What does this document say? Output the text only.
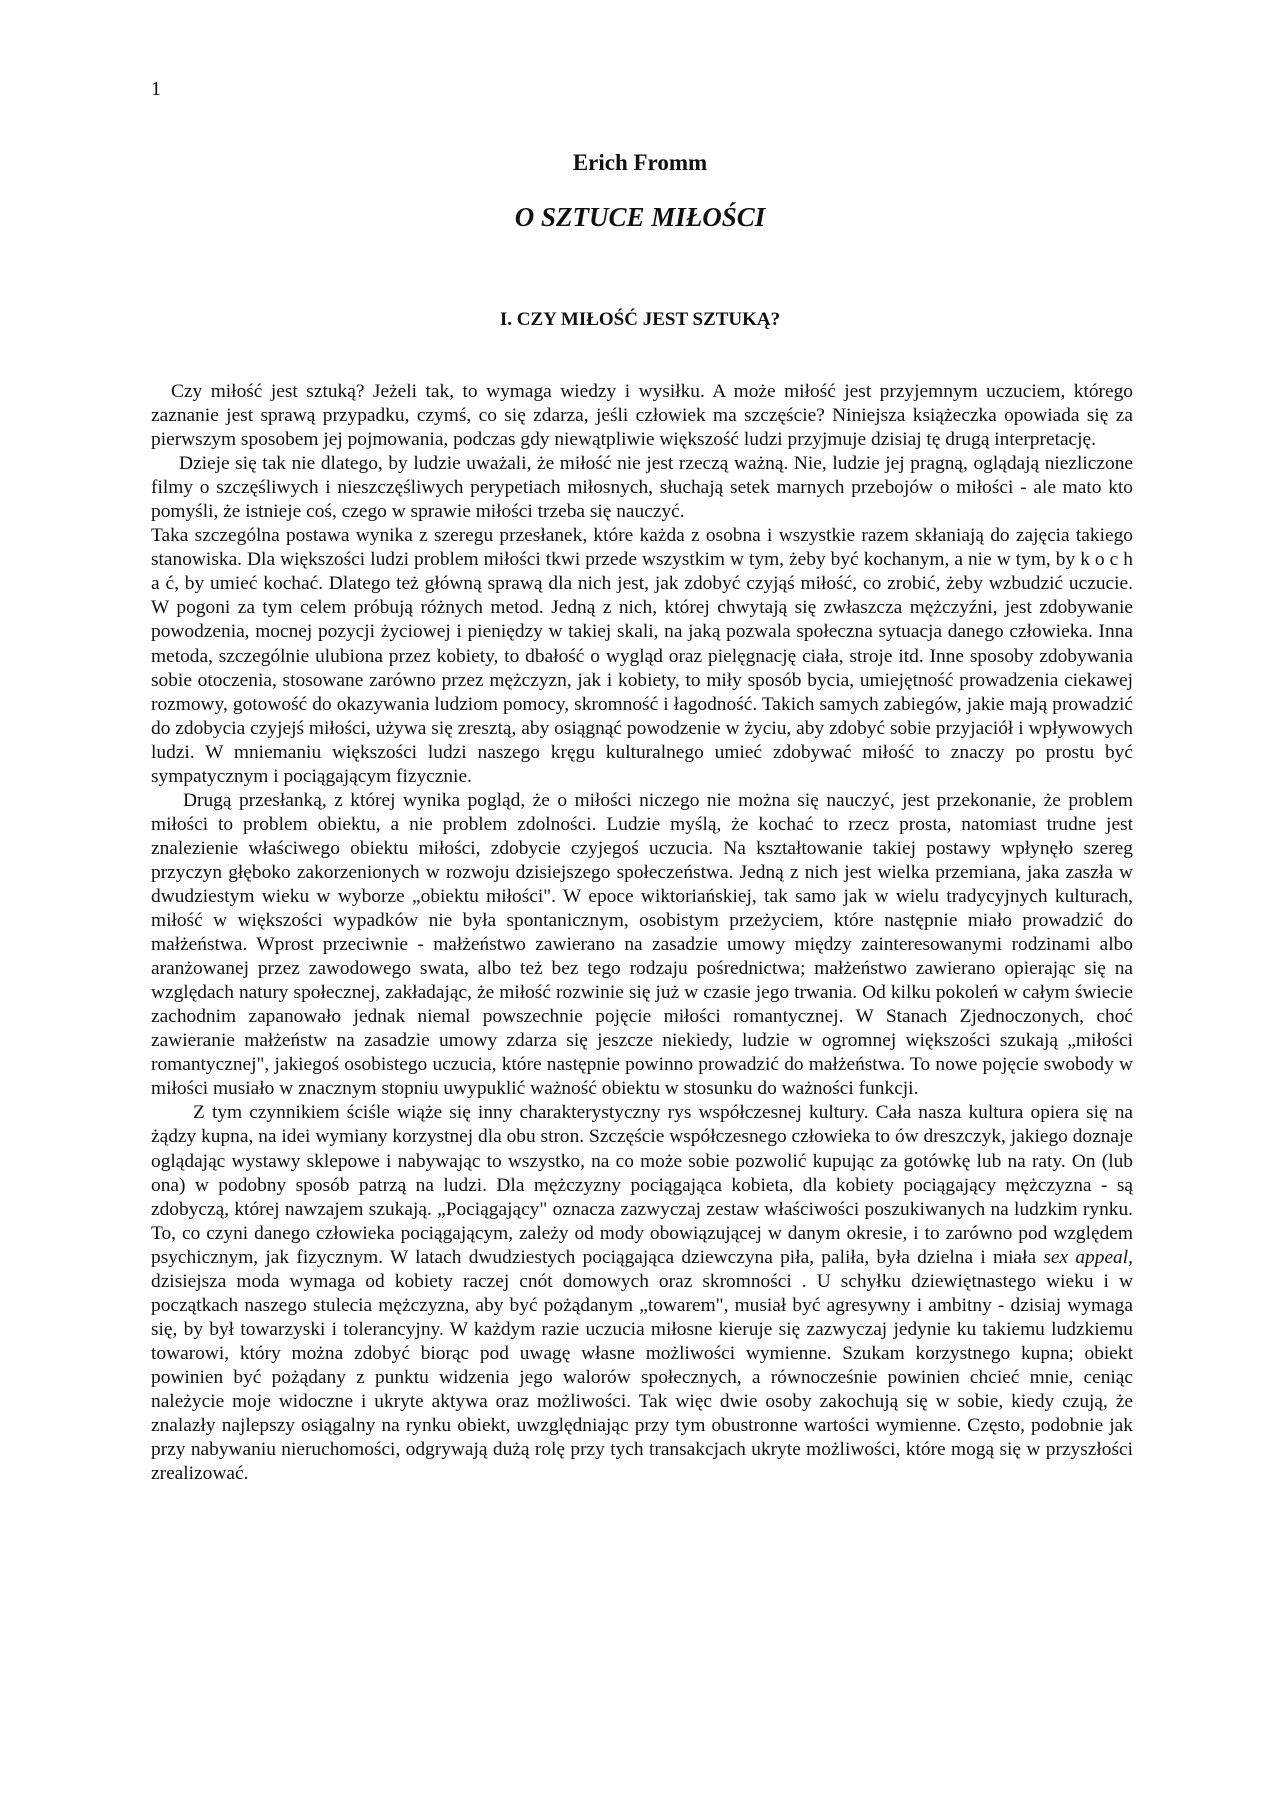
1
Erich Fromm
O SZTUCE MIŁOŚCI
I. CZY MIŁOŚĆ JEST SZTUKĄ?

Czy miłość jest sztuką? Jeżeli tak, to wymaga wiedzy i wysiłku. A może miłość jest przyjemnym uczuciem, którego zaznanie jest sprawą przypadku, czymś, co się zdarza, jeśli człowiek ma szczęście? Niniejsza książeczka opowiada się za pierwszym sposobem jej pojmowania, podczas gdy niewątpliwie większość ludzi przyjmuje dzisiaj tę drugą interpretację.

Dzieje się tak nie dlatego, by ludzie uważali, że miłość nie jest rzeczą ważną. Nie, ludzie jej pragną, oglądają niezliczone filmy o szczęśliwych i nieszczęśliwych perypetiach miłosnych, słuchają setek marnych przebojów o miłości - ale mato kto pomyśli, że istnieje coś, czego w sprawie miłości trzeba się nauczyć.

Taka szczególna postawa wynika z szeregu przesłanek, które każda z osobna i wszystkie razem skłaniają do zajęcia takiego stanowiska. Dla większości ludzi problem miłości tkwi przede wszystkim w tym, żeby być kochanym, a nie w tym, by k o c h a ć, by umieć kochać. Dlatego też główną sprawą dla nich jest, jak zdobyć czyjąś miłość, co zrobić, żeby wzbudzić uczucie. W pogoni za tym celem próbują różnych metod. Jedną z nich, której chwytają się zwłaszcza mężczyźni, jest zdobywanie powodzenia, mocnej pozycji życiowej i pieniędzy w takiej skali, na jaką pozwala społeczna sytuacja danego człowieka. Inna metoda, szczególnie ulubiona przez kobiety, to dbałość o wygląd oraz pielęgnację ciała, stroje itd. Inne sposoby zdobywania sobie otoczenia, stosowane zarówno przez mężczyzn, jak i kobiety, to miły sposób bycia, umiejętność prowadzenia ciekawej rozmowy, gotowość do okazywania ludziom pomocy, skromność i łagodność. Takich samych zabiegów, jakie mają prowadzić do zdobycia czyjejś miłości, używa się zresztą, aby osiągnąć powodzenie w życiu, aby zdobyć sobie przyjaciół i wpływowych ludzi. W mniemaniu większości ludzi naszego kręgu kulturalnego umieć zdobywać miłość to znaczy po prostu być sympatycznym i pociągającym fizycznie.

Drugą przesłanką, z której wynika pogląd, że o miłości niczego nie można się nauczyć, jest przekonanie, że problem miłości to problem obiektu, a nie problem zdolności. Ludzie myślą, że kochać to rzecz prosta, natomiast trudne jest znalezienie właściwego obiektu miłości, zdobycie czyjegoś uczucia. Na kształtowanie takiej postawy wpłynęło szereg przyczyn głęboko zakorzenionych w rozwoju dzisiejszego społeczeństwa. Jedną z nich jest wielka przemiana, jaka zaszła w dwudziestym wieku w wyborze „obiektu miłości". W epoce wiktoriańskiej, tak samo jak w wielu tradycyjnych kulturach, miłość w większości wypadków nie była spontanicznym, osobistym przeżyciem, które następnie miało prowadzić do małżeństwa. Wprost przeciwnie - małżeństwo zawierano na zasadzie umowy między zainteresowanymi rodzinami albo aranżowanej przez zawodowego swata, albo też bez tego rodzaju pośrednictwa; małżeństwo zawierano opierając się na względach natury społecznej, zakładając, że miłość rozwinie się już w czasie jego trwania. Od kilku pokoleń w całym świecie zachodnim zapanowało jednak niemal powszechnie pojęcie miłości romantycznej. W Stanach Zjednoczonych, choć zawieranie małżeństw na zasadzie umowy zdarza się jeszcze niekiedy, ludzie w ogromnej większości szukają „miłości romantycznej", jakiegoś osobistego uczucia, które następnie powinno prowadzić do małżeństwa. To nowe pojęcie swobody w miłości musiało w znacznym stopniu uwypuklić ważność obiektu w stosunku do ważności funkcji.

Z tym czynnikiem ściśle wiąże się inny charakterystyczny rys współczesnej kultury. Cała nasza kultura opiera się na żądzy kupna, na idei wymiany korzystnej dla obu stron. Szczęście współczesnego człowieka to ów dreszczyk, jakiego doznaje oglądając wystawy sklepowe i nabywając to wszystko, na co może sobie pozwolić kupując za gotówkę lub na raty. On (lub ona) w podobny sposób patrzą na ludzi. Dla mężczyzny pociągająca kobieta, dla kobiety pociągający mężczyzna - są zdobyczą, której nawzajem szukają. „Pociągający" oznacza zazwyczaj zestaw właściwości poszukiwanych na ludzkim rynku. To, co czyni danego człowieka pociągającym, zależy od mody obowiązującej w danym okresie, i to zarówno pod względem psychicznym, jak fizycznym. W latach dwudziestych pociągająca dziewczyna piła, paliła, była dzielna i miała sex appeal, dzisiejsza moda wymaga od kobiety raczej cnót domowych oraz skromności . U schyłku dziewiętnastego wieku i w początkach naszego stulecia mężczyzna, aby być pożądanym „towarem", musiał być agresywny i ambitny - dzisiaj wymaga się, by był towarzyski i tolerancyjny. W każdym razie uczucia miłosne kieruje się zazwyczaj jedynie ku takiemu ludzkiemu towarowi, który można zdobyć biorąc pod uwagę własne możliwości wymienne. Szukam korzystnego kupna; obiekt powinien być pożądany z punktu widzenia jego walorów społecznych, a równocześnie powinien chcieć mnie, ceniąc należycie moje widoczne i ukryte aktywa oraz możliwości. Tak więc dwie osoby zakochują się w sobie, kiedy czują, że znalazły najlepszy osiągalny na rynku obiekt, uwzględniając przy tym obustronne wartości wymienne. Często, podobnie jak przy nabywaniu nieruchomości, odgrywają dużą rolę przy tych transakcjach ukryte możliwości, które mogą się w przyszłości zrealizować.
